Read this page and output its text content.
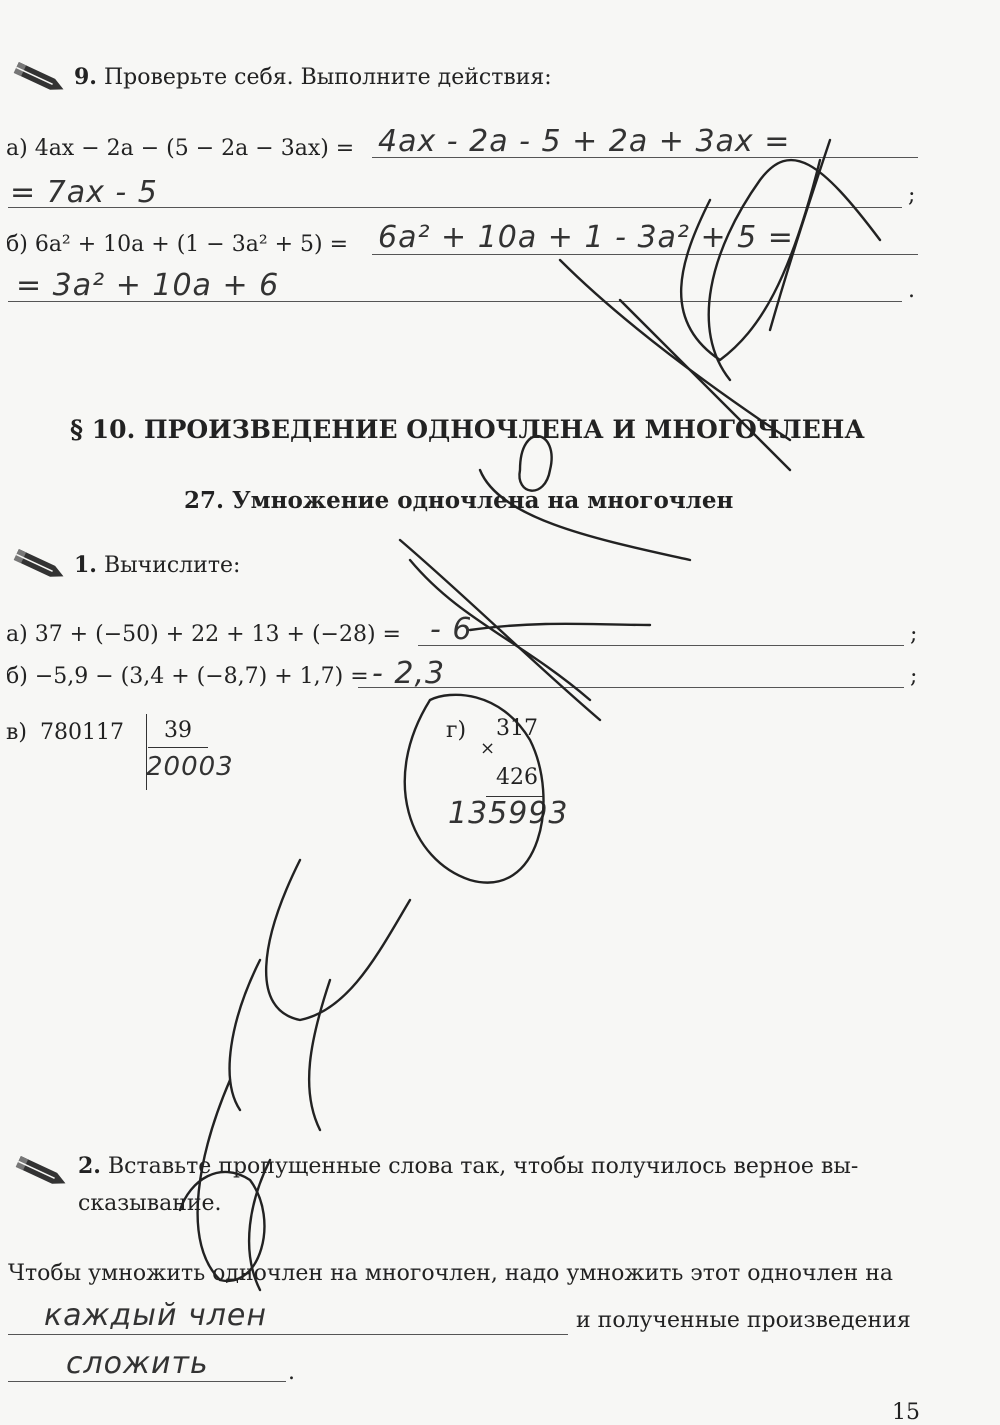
9. Проверьте себя. Выполните действия:
а) 4ax − 2a − (5 − 2a − 3ax) = 4ax - 2a - 5 + 2a + 3ax =
= 7ax - 5	;
б) 6a² + 10a + (1 − 3a² + 5) = 6a² + 10a + 1 - 3a² + 5 =
= 3a² + 10a + 6	.
§ 10. ПРОИЗВЕДЕНИЕ ОДНОЧЛЕНА И МНОГОЧЛЕНА
27. Умножение одночлена на многочлен
1. Вычислите:
а) 37 + (−50) + 22 + 13 + (−28) = - 6	;
б) −5,9 − (3,4 + (−8,7) + 1,7) = - 2,3	;
в) 780117 39
20003
г)
×
317
426
135993
2. Вставьте пропущенные слова так, чтобы получилось верное вы-
сказывание.
Чтобы умножить одночлен на многочлен, надо умножить этот одночлен на
каждый член	и полученные произведения
сложить	.
15
